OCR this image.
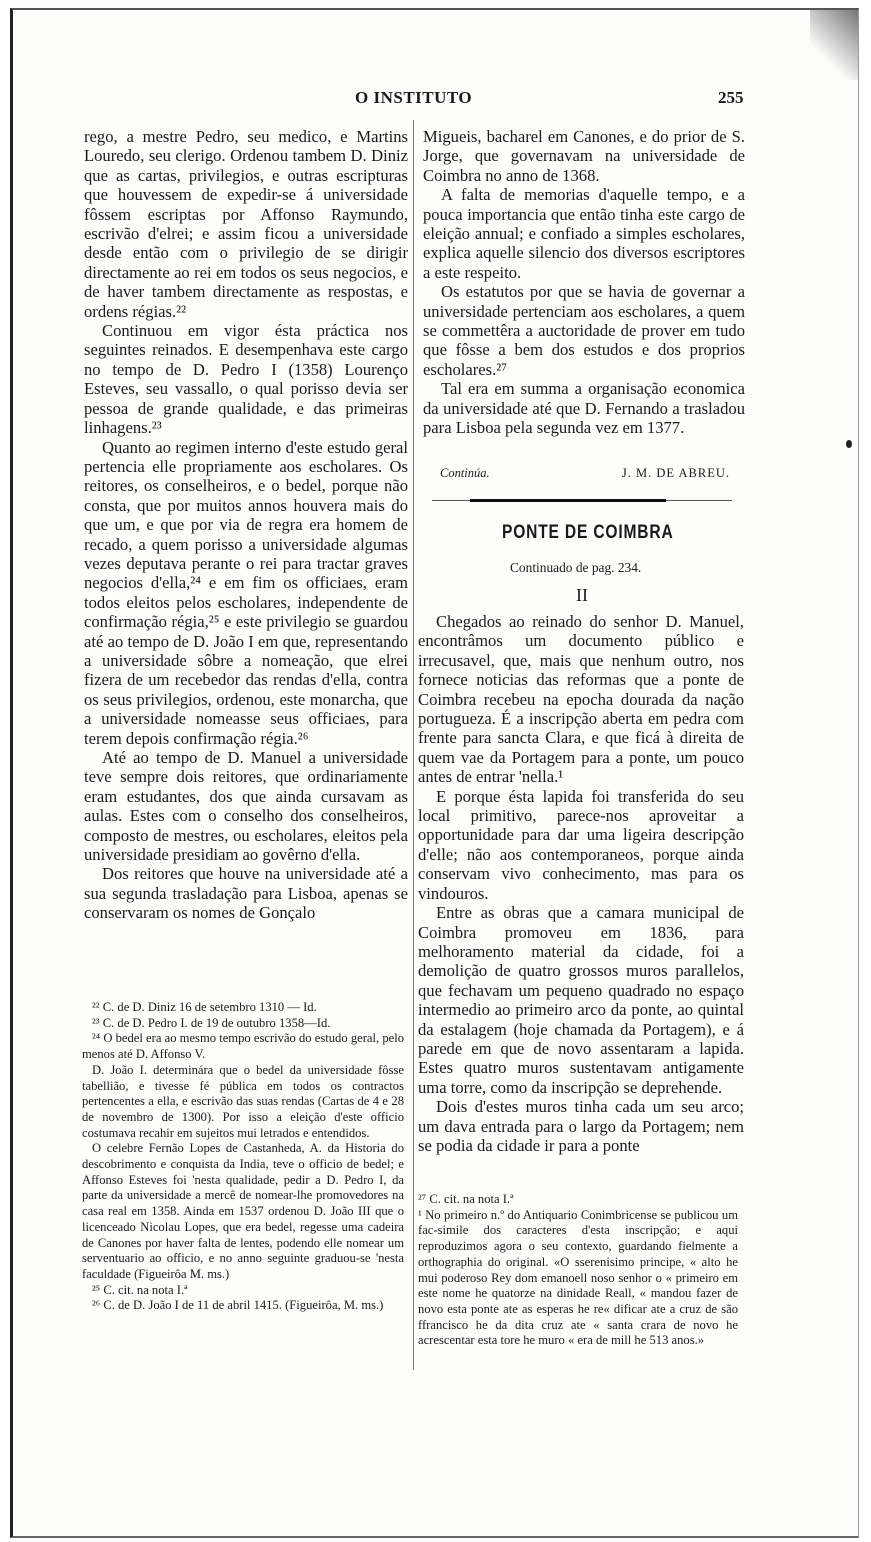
O INSTITUTO	255

rego, a mestre Pedro, seu medico, e Martins Louredo, seu clerigo. Ordenou tambem D. Diniz que as cartas, privilegios, e outras escripturas que houvessem de expedir-se á universidade fôssem escriptas por Affonso Raymundo, escrivão d'elrei; e assim ficou a universidade desde então com o privilegio de se dirigir directamente ao rei em todos os seus negocios, e de haver tambem directamente as respostas, e ordens régias.²²

Continuou em vigor ésta práctica nos seguintes reinados. E desempenhava este cargo no tempo de D. Pedro I (1358) Lourenço Esteves, seu vassallo, o qual porisso devia ser pessoa de grande qualidade, e das primeiras linhagens.²³

Quanto ao regimen interno d'este estudo geral pertencia elle propriamente aos escholares. Os reitores, os conselheiros, e o bedel, porque não consta, que por muitos annos houvera mais do que um, e que por via de regra era homem de recado, a quem porisso a universidade algumas vezes deputava perante o rei para tractar graves negocios d'ella,²⁴ e em fim os officiaes, eram todos eleitos pelos escholares, independente de confirmação régia,²⁵ e este privilegio se guardou até ao tempo de D. João I em que, representando a universidade sôbre a nomeação, que elrei fizera de um recebedor das rendas d'ella, contra os seus privilegios, ordenou, este monarcha, que a universidade nomeasse seus officiaes, para terem depois confirmação régia.²⁶

Até ao tempo de D. Manuel a universidade teve sempre dois reitores, que ordinariamente eram estudantes, dos que ainda cursavam as aulas. Estes com o conselho dos conselheiros, composto de mestres, ou escholares, eleitos pela universidade presidiam ao govêrno d'ella.

Dos reitores que houve na universidade até a sua segunda trasladação para Lisboa, apenas se conservaram os nomes de Gonçalo

²² C. de D. Diniz 16 de setembro 1310 — Id.

²³ C. de D. Pedro I. de 19 de outubro 1358—Id.

²⁴ O bedel era ao mesmo tempo escrivão do estudo geral, pelo menos até D. Affonso V.

D. João I. determinára que o bedel da universidade fôsse tabellião, e tivesse fé pública em todos os contractos pertencentes a ella, e escrivão das suas rendas (Cartas de 4 e 28 de novembro de 1300). Por isso a eleição d'este officio costumava recahir em sujeitos mui letrados e entendidos.

O celebre Fernão Lopes de Castanheda, A. da Historia do descobrimento e conquista da India, teve o officio de bedel; e Affonso Esteves foi 'nesta qualidade, pedir a D. Pedro I, da parte da universidade a mercê de nomear-lhe promovedores na casa real em 1358. Ainda em 1537 ordenou D. João III que o licenceado Nicolau Lopes, que era bedel, regesse uma cadeira de Canones por haver falta de lentes, podendo elle nomear um serventuario ao officio, e no anno seguinte graduou-se 'nesta faculdade (Figueirôa M. ms.)

²⁵ C. cit. na nota I.ª

²⁶ C. de D. João I de 11 de abril 1415. (Figueirôa, M. ms.)

Migueis, bacharel em Canones, e do prior de S. Jorge, que governavam na universidade de Coimbra no anno de 1368.

A falta de memorias d'aquelle tempo, e a pouca importancia que então tinha este cargo de eleição annual; e confiado a simples escholares, explica aquelle silencio dos diversos escriptores a este respeito.

Os estatutos por que se havia de governar a universidade pertenciam aos escholares, a quem se commettêra a auctoridade de prover em tudo que fôsse a bem dos estudos e dos proprios escholares.²⁷

Tal era em summa a organisação economica da universidade até que D. Fernando a trasladou para Lisboa pela segunda vez em 1377.

Continúa.	J. M. DE ABREU.
PONTE DE COIMBRA
Continuado de pag. 234.
II

Chegados ao reinado do senhor D. Manuel, encontrâmos um documento público e irrecusavel, que, mais que nenhum outro, nos fornece noticias das reformas que a ponte de Coimbra recebeu na epocha dourada da nação portugueza. É a inscripção aberta em pedra com frente para sancta Clara, e que ficá à direita de quem vae da Portagem para a ponte, um pouco antes de entrar 'nella.¹

E porque ésta lapida foi transferida do seu local primitivo, parece-nos aproveitar a opportunidade para dar uma ligeira descripção d'elle; não aos contemporaneos, porque ainda conservam vivo conhecimento, mas para os vindouros.

Entre as obras que a camara municipal de Coimbra promoveu em 1836, para melhoramento material da cidade, foi a demolição de quatro grossos muros parallelos, que fechavam um pequeno quadrado no espaço intermedio ao primeiro arco da ponte, ao quintal da estalagem (hoje chamada da Portagem), e á parede em que de novo assentaram a lapida. Estes quatro muros sustentavam antigamente uma torre, como da inscripção se deprehende.

Dois d'estes muros tinha cada um seu arco; um dava entrada para o largo da Portagem; nem se podia da cidade ir para a ponte

²⁷ C. cit. na nota I.ª

¹ No primeiro n.º do Antiquario Conimbricense se publicou um fac-simile dos caracteres d'esta inscripção; e aqui reproduzimos agora o seu contexto, guardando fielmente a orthographia do original. «O sserenisimo principe, « alto he mui poderoso Rey dom emanoell noso senhor o « primeiro em este nome he quatorze na dinidade Reall, « mandou fazer de novo esta ponte ate as esperas he re« dificar ate a cruz de são ffrancisco he da dita cruz ate « santa crara de novo he acrescentar esta tore he muro « era de mill he 513 anos.»
